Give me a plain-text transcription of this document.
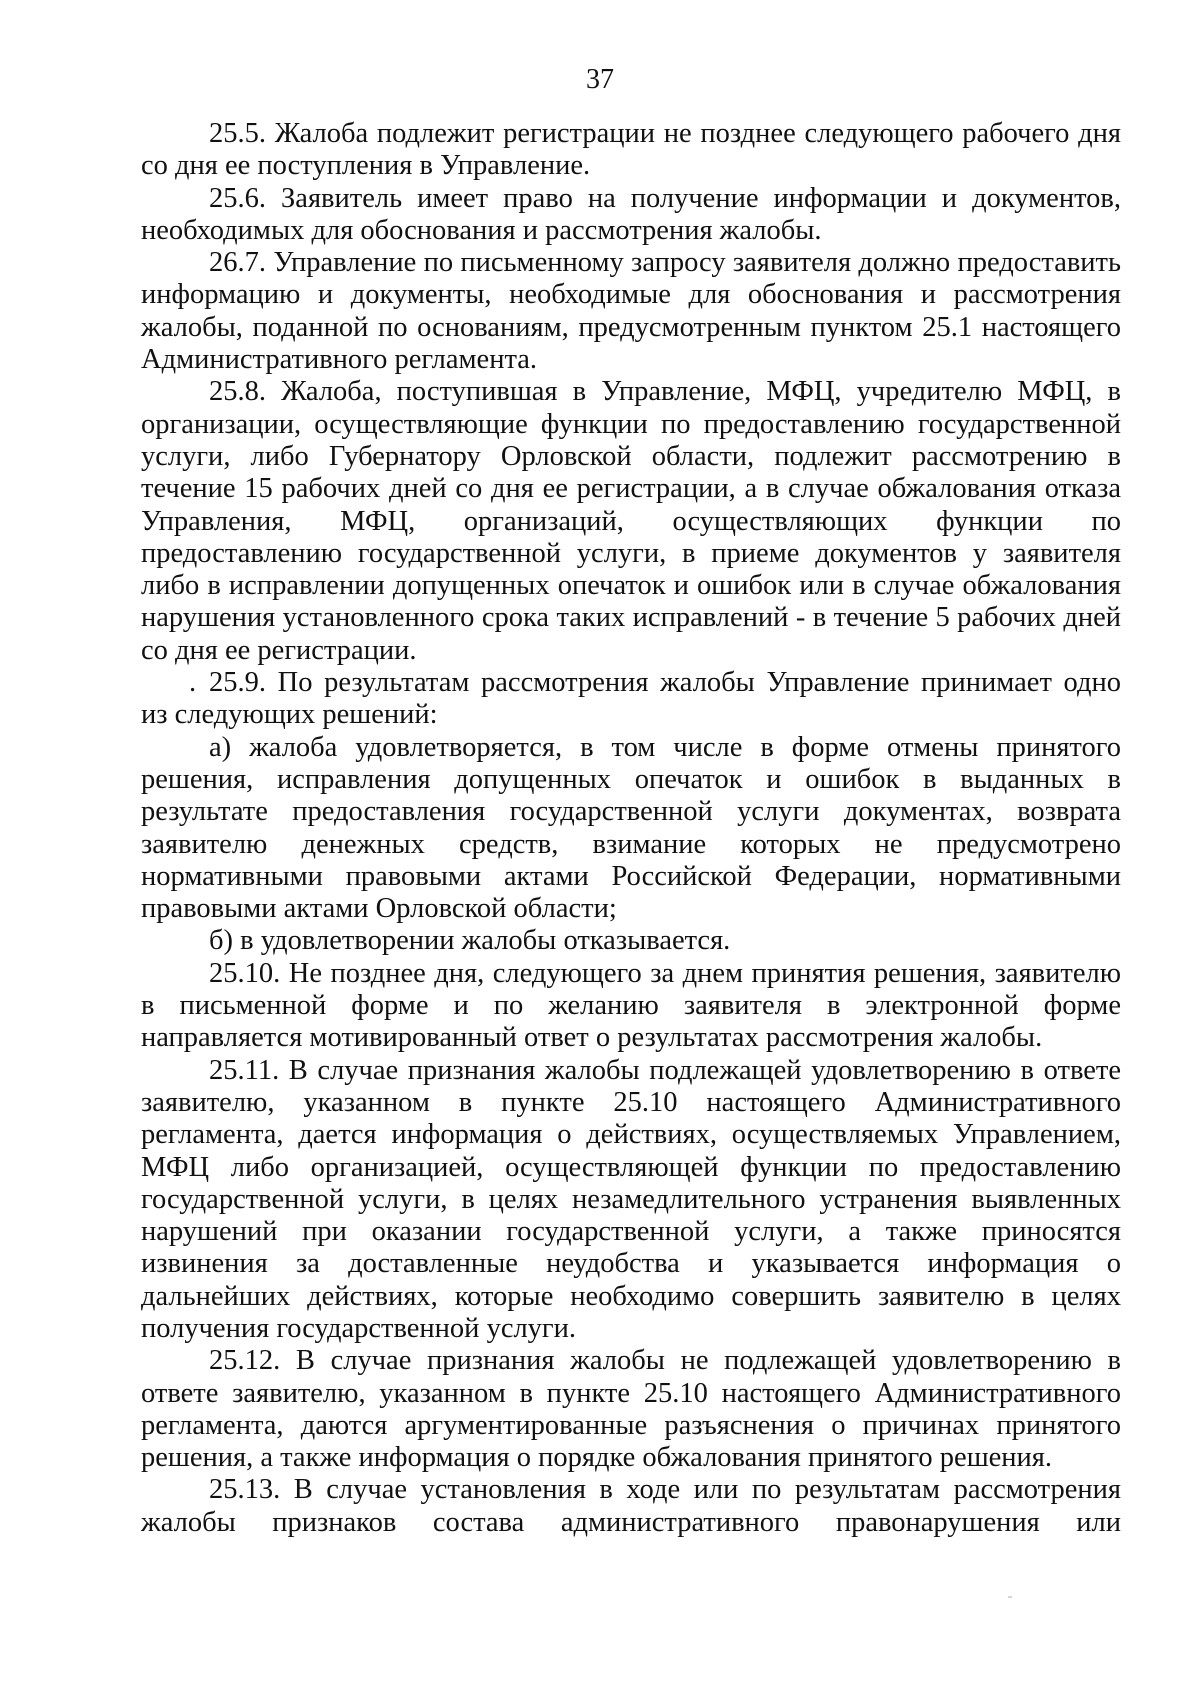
37

25.5. Жалоба подлежит регистрации не позднее следующего рабочего дня со дня ее поступления в Управление.

25.6. Заявитель имеет право на получение информации и документов, необходимых для обоснования и рассмотрения жалобы.

26.7. Управление по письменному запросу заявителя должно предоставить информацию и документы, необходимые для обоснования и рассмотрения жалобы, поданной по основаниям, предусмотренным пунктом 25.1 настоящего Административного регламента.

25.8. Жалоба, поступившая в Управление, МФЦ, учредителю МФЦ, в организации, осуществляющие функции по предоставлению государственной услуги, либо Губернатору Орловской области, подлежит рассмотрению в течение 15 рабочих дней со дня ее регистрации, а в случае обжалования отказа Управления, МФЦ, организаций, осуществляющих функции по предоставлению государственной услуги, в приеме документов у заявителя либо в исправлении допущенных опечаток и ошибок или в случае обжалования нарушения установленного срока таких исправлений - в течение 5 рабочих дней со дня ее регистрации.

. 25.9. По результатам рассмотрения жалобы Управление принимает одно из следующих решений:

а) жалоба удовлетворяется, в том числе в форме отмены принятого решения, исправления допущенных опечаток и ошибок в выданных в результате предоставления государственной услуги документах, возврата заявителю денежных средств, взимание которых не предусмотрено нормативными правовыми актами Российской Федерации, нормативными правовыми актами Орловской области;

б) в удовлетворении жалобы отказывается.

25.10. Не позднее дня, следующего за днем принятия решения, заявителю в письменной форме и по желанию заявителя в электронной форме направляется мотивированный ответ о результатах рассмотрения жалобы.

25.11. В случае признания жалобы подлежащей удовлетворению в ответе заявителю, указанном в пункте 25.10 настоящего Административного регламента, дается информация о действиях, осуществляемых Управлением, МФЦ либо организацией, осуществляющей функции по предоставлению государственной услуги, в целях незамедлительного устранения выявленных нарушений при оказании государственной услуги, а также приносятся извинения за доставленные неудобства и указывается информация о дальнейших действиях, которые необходимо совершить заявителю в целях получения государственной услуги.

25.12. В случае признания жалобы не подлежащей удовлетворению в ответе заявителю, указанном в пункте 25.10 настоящего Административного регламента, даются аргументированные разъяснения о причинах принятого решения, а также информация о порядке обжалования принятого решения.

25.13. В случае установления в ходе или по результатам рассмотрения жалобы признаков состава административного правонарушения или
